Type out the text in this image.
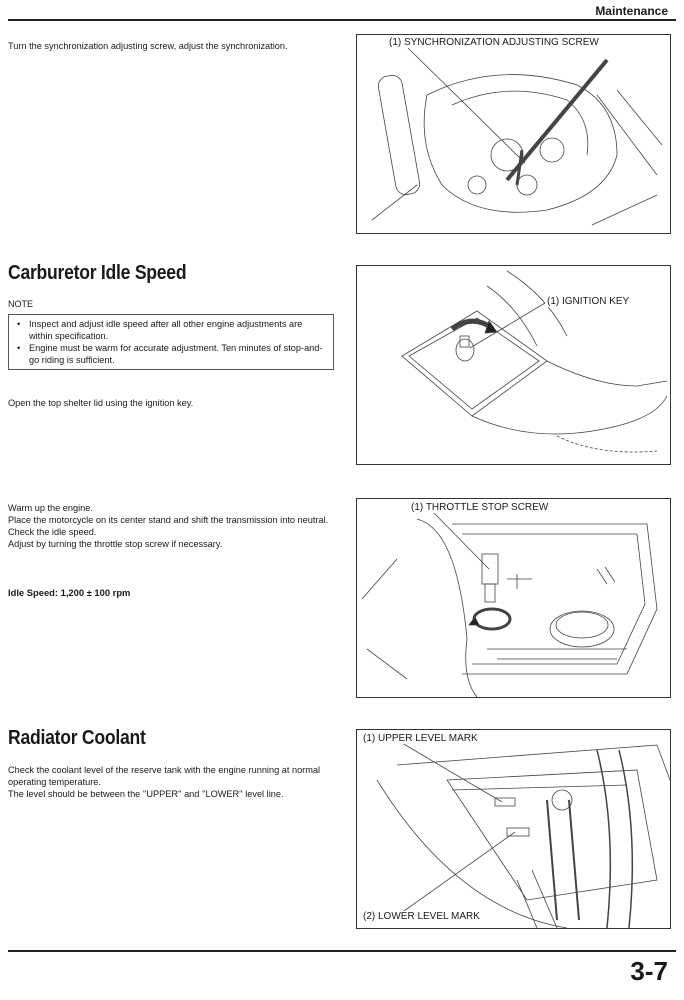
Maintenance

Turn the synchronization adjusting screw, adjust the synchronization.	(1) SYNCHRONIZATION ADJUSTING SCREW
Carburetor Idle Speed
NOTE
• Inspect and adjust idle speed after all other engine adjustments are within specification.
• Engine must be warm for accurate adjustment. Ten minutes of stop-and-go riding is sufficient.

Open the top shelter lid using the ignition key.

(1) IGNITION KEY

Warm up the engine.

Place the motorcycle on its center stand and shift the transmission into neutral.

Check the idle speed.

Adjust by turning the throttle stop screw if necessary.

Idle Speed: 1,200 ± 100 rpm
(1) THROTTLE STOP SCREW
Radiator Coolant

Check the coolant level of the reserve tank with the engine running at normal operating temperature.

The level should be between the ''UPPER'' and ''LOWER'' level line.

(1) UPPER LEVEL MARK
(2) LOWER LEVEL MARK
3-7
